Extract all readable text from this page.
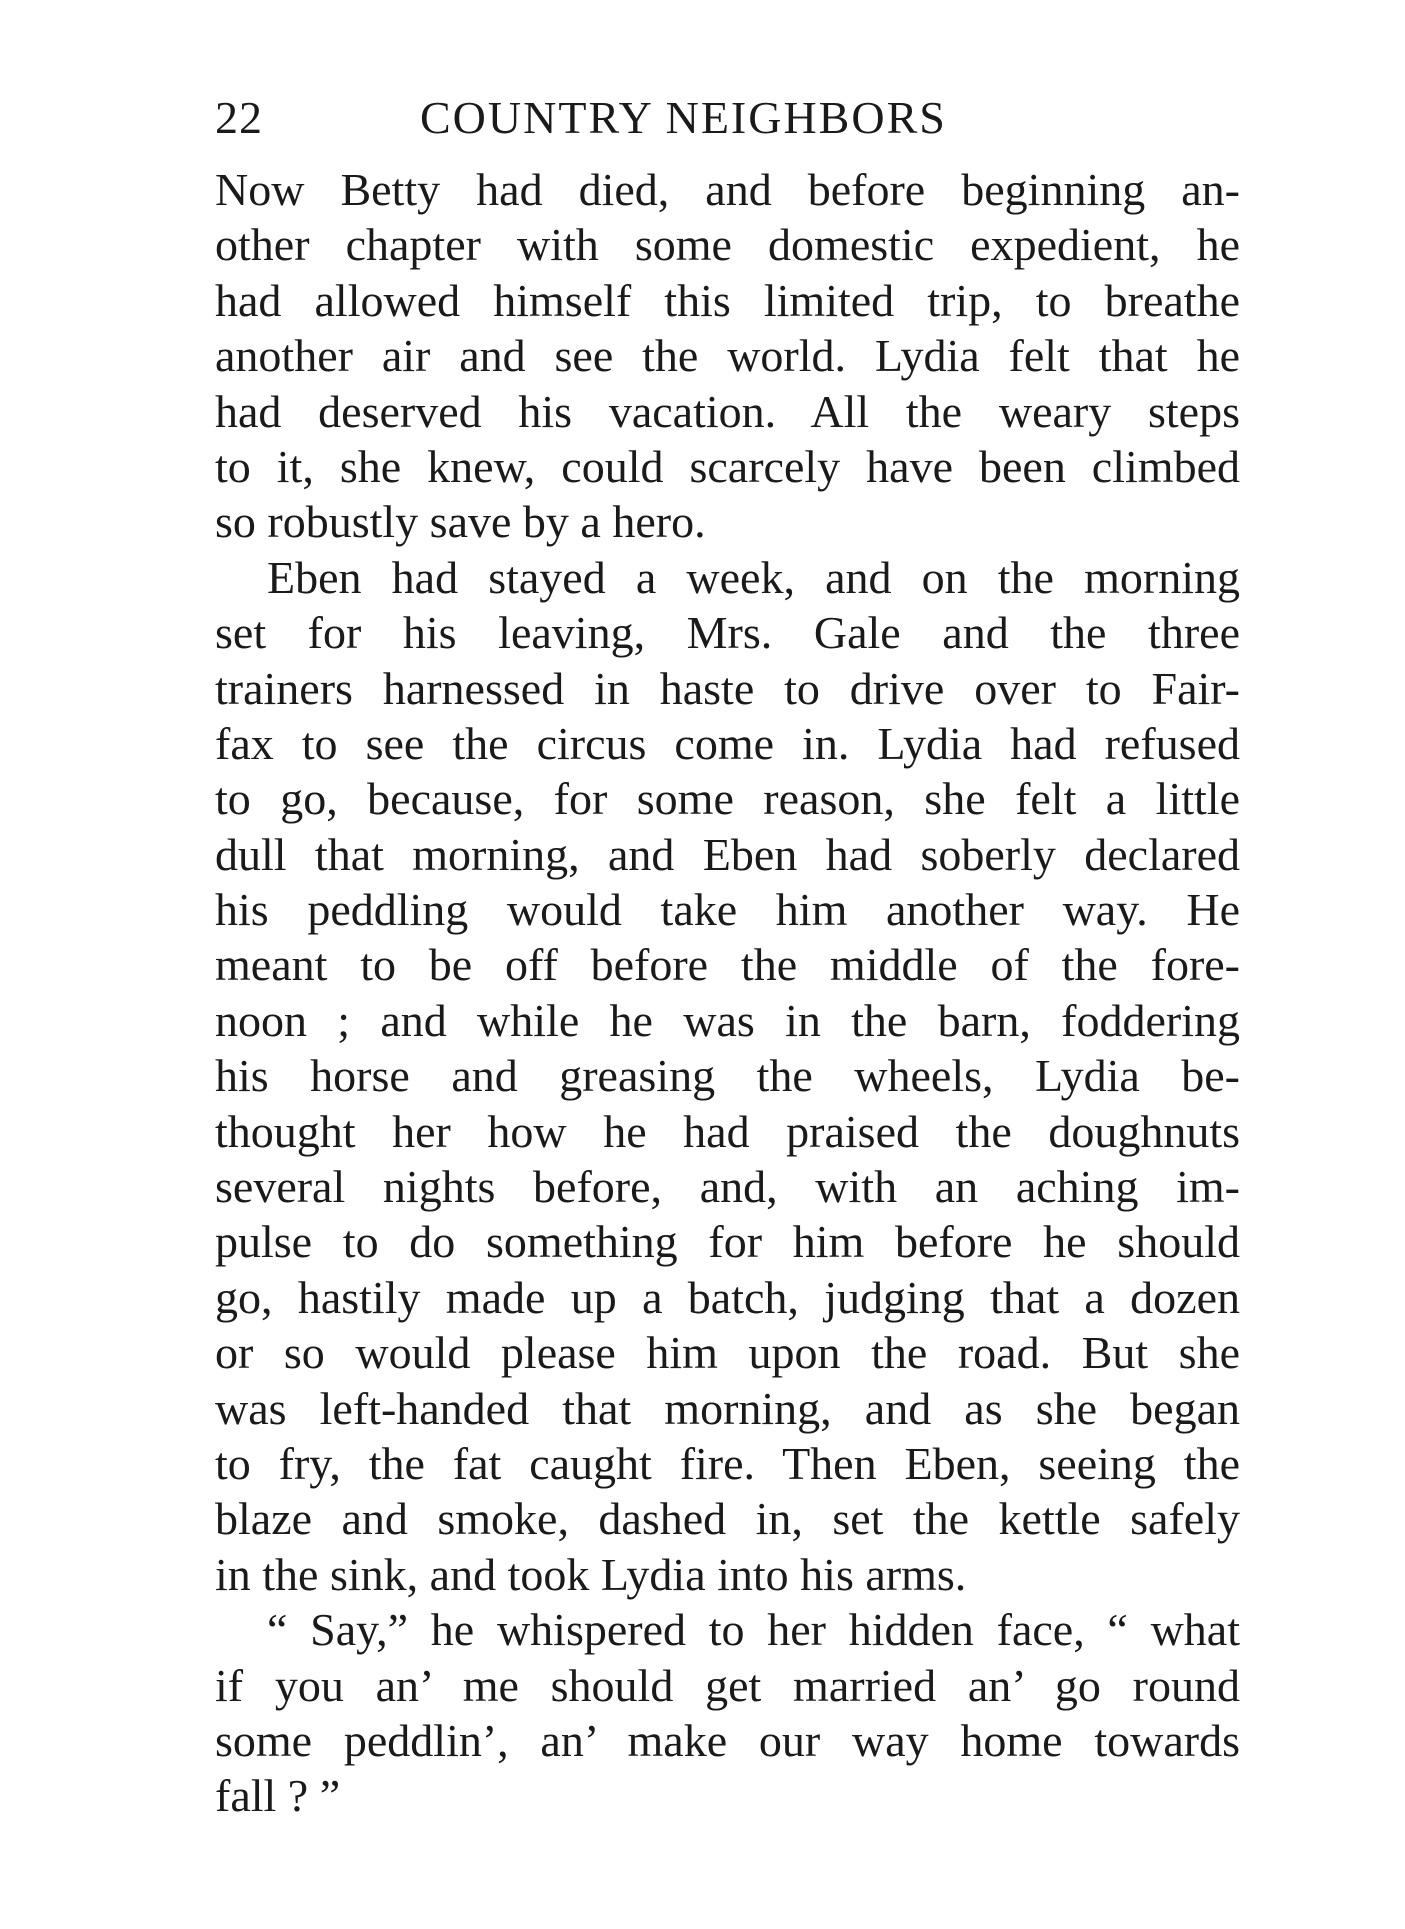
22	COUNTRY NEIGHBORS
Now Betty had died, and before beginning an-
other chapter with some domestic expedient, he
had allowed himself this limited trip, to breathe
another air and see the world. Lydia felt that he
had deserved his vacation. All the weary steps
to it, she knew, could scarcely have been climbed
so robustly save by a hero.
Eben had stayed a week, and on the morning
set for his leaving, Mrs. Gale and the three
trainers harnessed in haste to drive over to Fair-
fax to see the circus come in. Lydia had refused
to go, because, for some reason, she felt a little
dull that morning, and Eben had soberly declared
his peddling would take him another way. He
meant to be off before the middle of the fore-
noon ; and while he was in the barn, foddering
his horse and greasing the wheels, Lydia be-
thought her how he had praised the doughnuts
several nights before, and, with an aching im-
pulse to do something for him before he should
go, hastily made up a batch, judging that a dozen
or so would please him upon the road. But she
was left-handed that morning, and as she began
to fry, the fat caught fire. Then Eben, seeing the
blaze and smoke, dashed in, set the kettle safely
in the sink, and took Lydia into his arms.
“ Say,” he whispered to her hidden face, “ what
if you an’ me should get married an’ go round
some peddlin’, an’ make our way home towards
fall ? ”
